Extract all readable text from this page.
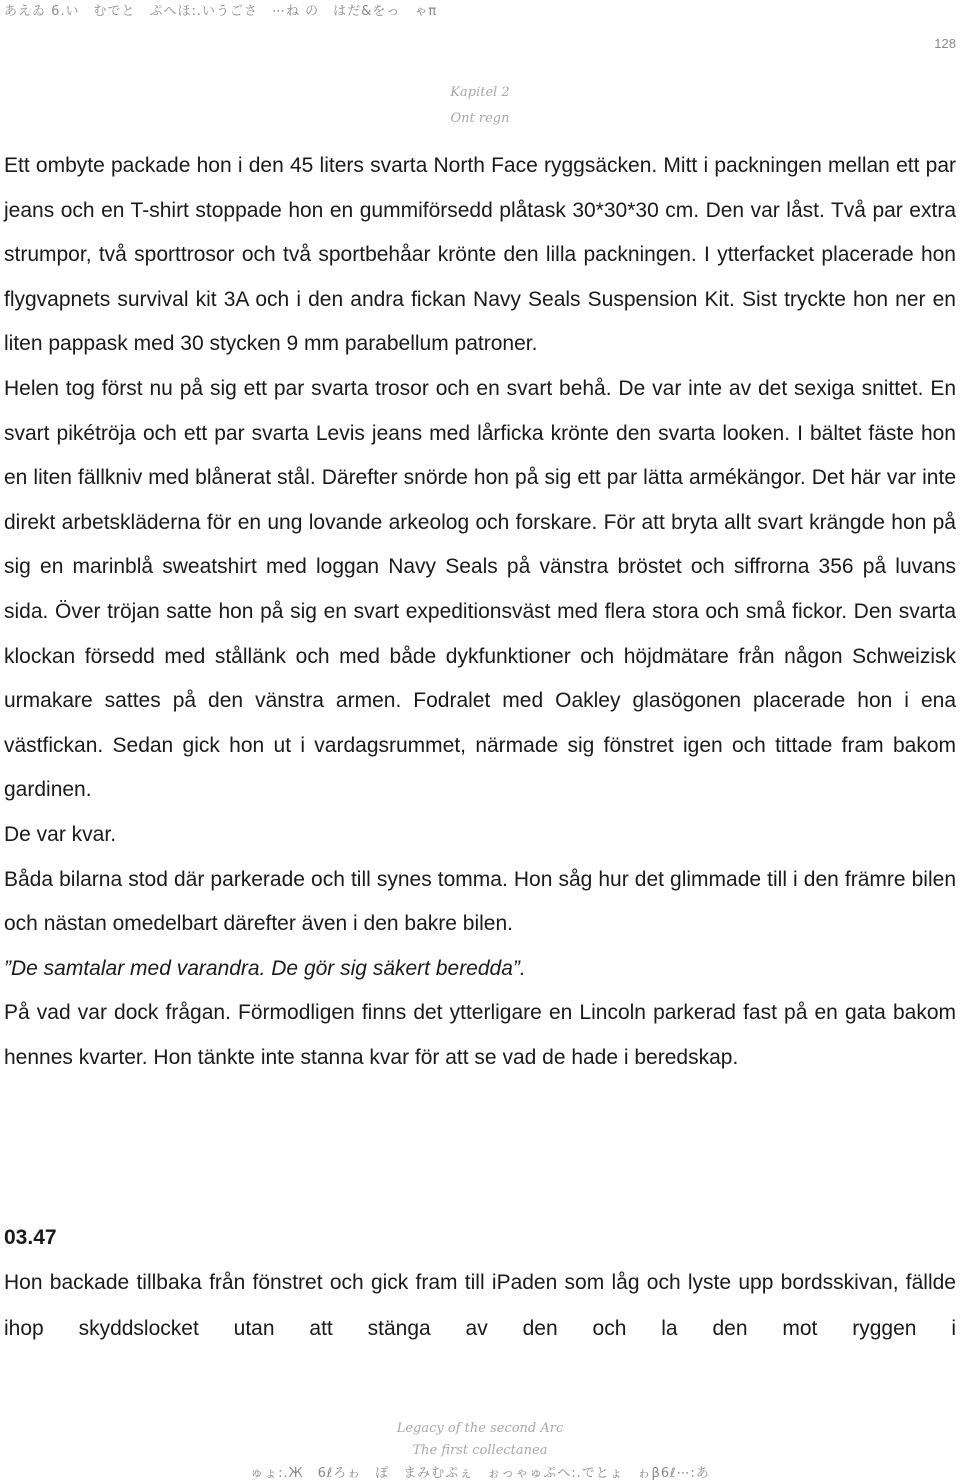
あえゐ 6.い　むでと　ぷへほ:.いうごさ　⋯ね の　はだ&をっ　ゃπ
128
Kapitel 2
Ont regn

Ett ombyte packade hon i den 45 liters svarta North Face ryggsäcken. Mitt i packningen mellan ett par jeans och en T-shirt stoppade hon en gummiförsedd plåtask 30*30*30 cm. Den var låst. Två par extra strumpor, två sporttrosor och två sportbehåar krönte den lilla packningen. I ytterfacket placerade hon flygvapnets survival kit 3A och i den andra fickan Navy Seals Suspension Kit. Sist tryckte hon ner en liten pappask med 30 stycken 9 mm parabellum patroner.

Helen tog först nu på sig ett par svarta trosor och en svart behå. De var inte av det sexiga snittet. En svart pikétröja och ett par svarta Levis jeans med lårficka krönte den svarta looken. I bältet fäste hon en liten fällkniv med blånerat stål. Därefter snörde hon på sig ett par lätta armékängor. Det här var inte direkt arbetskläderna för en ung lovande arkeolog och forskare. För att bryta allt svart krängde hon på sig en marinblå sweatshirt med loggan Navy Seals på vänstra bröstet och siffrorna 356 på luvans sida. Över tröjan satte hon på sig en svart expeditionsväst med flera stora och små fickor. Den svarta klockan försedd med stållänk och med både dykfunktioner och höjdmätare från någon Schweizisk urmakare sattes på den vänstra armen. Fodralet med Oakley glasögonen placerade hon i ena västfickan. Sedan gick hon ut i vardagsrummet, närmade sig fönstret igen och tittade fram bakom gardinen.

De var kvar.

Båda bilarna stod där parkerade och till synes tomma. Hon såg hur det glimmade till i den främre bilen och nästan omedelbart därefter även i den bakre bilen.

”De samtalar med varandra. De gör sig säkert beredda”.

På vad var dock frågan. Förmodligen finns det ytterligare en Lincoln parkerad fast på en gata bakom hennes kvarter. Hon tänkte inte stanna kvar för att se vad de hade i beredskap.

03.47

Hon backade tillbaka från fönstret och gick fram till iPaden som låg och lyste upp bordsskivan, fällde ihop skyddslocket utan att stänga av den och la den mot ryggen i

Legacy of the second Arc
The first collectanea
ゅょ:.Ж　6ℓろゎ　ぽ　まみむぷぇ　ぉっゃゅぷへ:.でとょ　ゎβ6ℓ⋯:あ
